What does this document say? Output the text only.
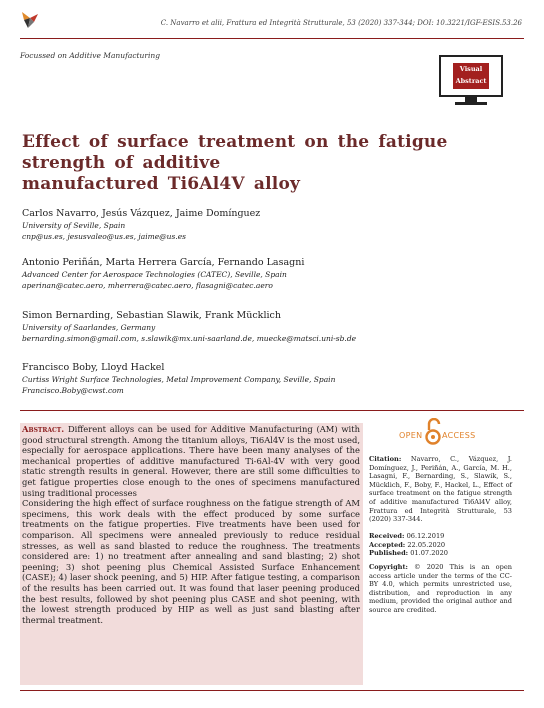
C. Navarro et alii, Frattura ed Integrità Strutturale, 53 (2020) 337-344; DOI: 10.3221/IGF-ESIS.53.26
Focussed on Additive Manufacturing
Visual
Abstract
Effect of surface treatment on the fatigue strength of additive
manufactured Ti6Al4V alloy
Carlos Navarro, Jesús Vázquez, Jaime Domínguez
University of Seville, Spain
cnp@us.es, jesusvaleo@us.es, jaime@us.es
Antonio Periñán, Marta Herrera García, Fernando Lasagni
Advanced Center for Aerospace Technologies (CATEC), Seville, Spain
aperinan@catec.aero, mherrera@catec.aero, flasagni@catec.aero
Simon Bernarding, Sebastian Slawik, Frank Mücklich
University of Saarlandes, Germany
bernarding.simon@gmail.com, s.slawik@mx.uni-saarland.de, muecke@matsci.uni-sb.de
Francisco Boby, Lloyd Hackel
Curtiss Wright Surface Technologies, Metal Improvement Company, Seville, Spain
Francisco.Boby@cwst.com

Abstract. Different alloys can be used for Additive Manufacturing (AM) with good structural strength. Among the titanium alloys, Ti6Al4V is the most used, especially for aerospace applications. There have been many analyses of the mechanical properties of additive manufactured Ti-6Al-4V with very good static strength results in general. However, there are still some difficulties to get fatigue properties close enough to the ones of specimens manufactured using traditional processes

Considering the high effect of surface roughness on the fatigue strength of AM specimens, this work deals with the effect produced by some surface treatments on the fatigue properties. Five treatments have been used for comparison. All specimens were annealed previously to reduce residual stresses, as well as sand blasted to reduce the roughness. The treatments considered are: 1) no treatment after annealing and sand blasting; 2) shot peening; 3) shot peening plus Chemical Assisted Surface Enhancement (CASE); 4) laser shock peening, and 5) HIP. After fatigue testing, a comparison of the results has been carried out. It was found that laser peening produced the best results, followed by shot peening plus CASE and shot peening, with the lowest strength produced by HIP as well as just sand blasting after thermal treatment.

OPEN ACCESS
Citation: Navarro, C., Vázquez, J. Domínguez, J., Periñán, A., García, M. H., Lasagni, F., Bernarding, S., Slawik, S., Mücklich, F., Boby, F., Hackel, L., Effect of surface treatment on the fatigue strength of additive manufactured Ti6Al4V alloy, Frattura ed Integrità Strutturale, 53 (2020) 337-344.
Received: 06.12.2019
Accepted: 22.05.2020
Published: 01.07.2020
Copyright: © 2020 This is an open access article under the terms of the CC-BY 4.0, which permits unrestricted use, distribution, and reproduction in any medium, provided the original author and source are credited.
